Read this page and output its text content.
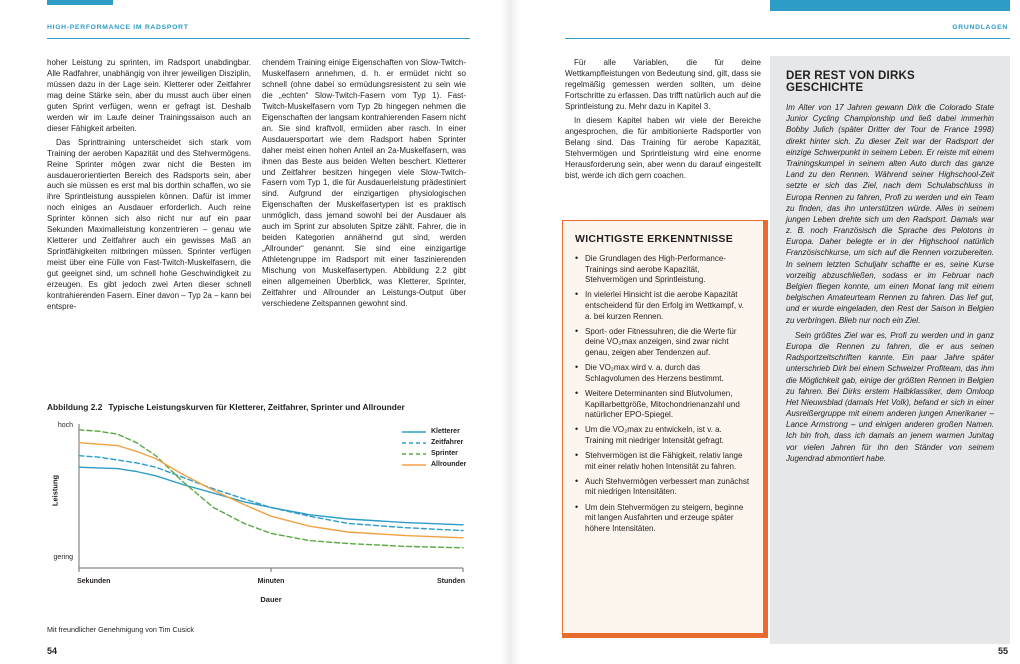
HIGH-PERFORMANCE IM RADSPORT

hoher Leistung zu sprinten, im Radsport unabdingbar. Alle Radfahrer, unabhängig von ihrer jeweiligen Disziplin, müssen dazu in der Lage sein. Kletterer oder Zeitfahrer mag deine Stärke sein, aber du musst auch über einen guten Sprint verfügen, wenn er gefragt ist. Deshalb werden wir im Laufe deiner Trainingssaison auch an dieser Fähigkeit arbeiten.

Das Sprinttraining unterscheidet sich stark vom Training der aeroben Kapazität und des Stehvermögens. Reine Sprinter mögen zwar nicht die Besten im ausdauerorientierten Bereich des Radsports sein, aber auch sie müssen es erst mal bis dorthin schaffen, wo sie ihre Sprintleistung ausspielen können. Dafür ist immer noch einiges an Ausdauer erforderlich. Auch reine Sprinter können sich also nicht nur auf ein paar Sekunden Maximalleistung konzentrieren – genau wie Kletterer und Zeitfahrer auch ein gewisses Maß an Sprintfähigkeiten mitbringen müssen. Sprinter verfügen meist über eine Fülle von Fast-Twitch-Muskelfasern, die gut geeignet sind, um schnell hohe Geschwindigkeit zu erzeugen. Es gibt jedoch zwei Arten dieser schnell kontrahierenden Fasern. Einer davon – Typ 2a – kann bei entspre-

chendem Training einige Eigenschaften von Slow-Twitch-Muskelfasern annehmen, d. h. er ermüdet nicht so schnell (ohne dabei so ermüdungsresistent zu sein wie die „echten“ Slow-Twitch-Fasern vom Typ 1). Fast-Twitch-Muskelfasern vom Typ 2b hingegen nehmen die Eigenschaften der langsam kontrahierenden Fasern nicht an. Sie sind kraftvoll, ermüden aber rasch. In einer Ausdauersportart wie dem Radsport haben Sprinter daher meist einen hohen Anteil an 2a-Muskelfasern, was ihnen das Beste aus beiden Welten beschert. Kletterer und Zeitfahrer besitzen hingegen viele Slow-Twitch-Fasern vom Typ 1, die für Ausdauerleistung prädestiniert sind. Aufgrund der einzigartigen physiologischen Eigenschaften der Muskelfasertypen ist es praktisch unmöglich, dass jemand sowohl bei der Ausdauer als auch im Sprint zur absoluten Spitze zählt. Fahrer, die in beiden Kategorien annähernd gut sind, werden „Allrounder“ genannt. Sie sind eine einzigartige Athletengruppe im Radsport mit einer faszinierenden Mischung von Muskelfasertypen. Abbildung 2.2 gibt einen allgemeinen Überblick, was Kletterer, Sprinter, Zeitfahrer und Allrounder an Leistungs-Output über verschiedene Zeitspannen gewohnt sind.

Abbildung 2.2 Typische Leistungskurven für Kletterer, Zeitfahrer, Sprinter und Allrounder
hoch
gering
Leistung
Kletterer
Zeitfahrer
Sprinter
Allrounder
Sekunden	Minuten	Stunden
Dauer
Mit freundlicher Genehmigung von Tim Cusick
54
GRUNDLAGEN

Für alle Variablen, die für deine Wettkampfleistungen von Bedeutung sind, gilt, dass sie regelmäßig gemessen werden sollten, um deine Fortschritte zu erfassen. Das trifft natürlich auch auf die Sprintleistung zu. Mehr dazu in Kapitel 3.

In diesem Kapitel haben wir viele der Bereiche angesprochen, die für ambitionierte Radsportler von Belang sind. Das Training für aerobe Kapazität, Stehvermögen und Sprintleistung wird eine enorme Herausforderung sein, aber wenn du darauf eingestellt bist, werde ich dich gern coachen.

WICHTIGSTE ERKENNTNISSE
• Die Grundlagen des High-Performance-Trainings sind aerobe Kapazität, Stehvermögen und Sprintleistung.
• In vielerlei Hinsicht ist die aerobe Kapazität entscheidend für den Erfolg im Wettkampf, v. a. bei kurzen Rennen.
• Sport- oder Fitnessuhren, die die Werte für deine VO₂max anzeigen, sind zwar nicht genau, zeigen aber Tendenzen auf.
• Die VO₂max wird v. a. durch das Schlagvolumen des Herzens bestimmt.
• Weitere Determinanten sind Blutvolumen, Kapillarbettgröße, Mitochondrienanzahl und natürlicher EPO-Spiegel.
• Um die VO₂max zu entwickeln, ist v. a. Training mit niedriger Intensität gefragt.
• Stehvermögen ist die Fähigkeit, relativ lange mit einer relativ hohen Intensität zu fahren.
• Auch Stehvermögen verbessert man zunächst mit niedrigen Intensitäten.
• Um dein Stehvermögen zu steigern, beginne mit langen Ausfahrten und erzeuge später höhere Intensitäten.
DER REST VON DIRKS GESCHICHTE

Im Alter von 17 Jahren gewann Dirk die Colorado State Junior Cycling Championship und ließ dabei immerhin Bobby Julich (später Dritter der Tour de France 1998) direkt hinter sich. Zu dieser Zeit war der Radsport der einzige Schwerpunkt in seinem Leben. Er reiste mit einem Trainingskumpel in seinem alten Auto durch das ganze Land zu den Rennen. Während seiner Highschool-Zeit setzte er sich das Ziel, nach dem Schulabschluss in Europa Rennen zu fahren, Profi zu werden und ein Team zu finden, das ihn unterstützen würde. Alles in seinem jungen Leben drehte sich um den Radsport. Damals war z. B. noch Französisch die Sprache des Pelotons in Europa. Daher belegte er in der Highschool natürlich Französischkurse, um sich auf die Rennen vorzubereiten. In seinem letzten Schuljahr schaffte er es, seine Kurse vorzeitig abzuschließen, sodass er im Februar nach Belgien fliegen konnte, um einen Monat lang mit einem belgischen Amateurteam Rennen zu fahren. Das lief gut, und er wurde eingeladen, den Rest der Saison in Belgien zu verbringen. Blieb nur noch ein Ziel.

Sein größtes Ziel war es, Profi zu werden und in ganz Europa die Rennen zu fahren, die er aus seinen Radsportzeitschriften kannte. Ein paar Jahre später unterschrieb Dirk bei einem Schweizer Profiteam, das ihm die Möglichkeit gab, einige der größten Rennen in Belgien zu fahren. Bei Dirks erstem Halbklassiker, dem Omloop Het Nieuwsblad (damals Het Volk), befand er sich in einer Ausreißergruppe mit einem anderen jungen Amerikaner – Lance Armstrong – und einigen anderen großen Namen. Ich bin froh, dass ich damals an jenem warmen Junitag vor vielen Jahren für ihn den Ständer von seinem Jugendrad abmontiert habe.

55
